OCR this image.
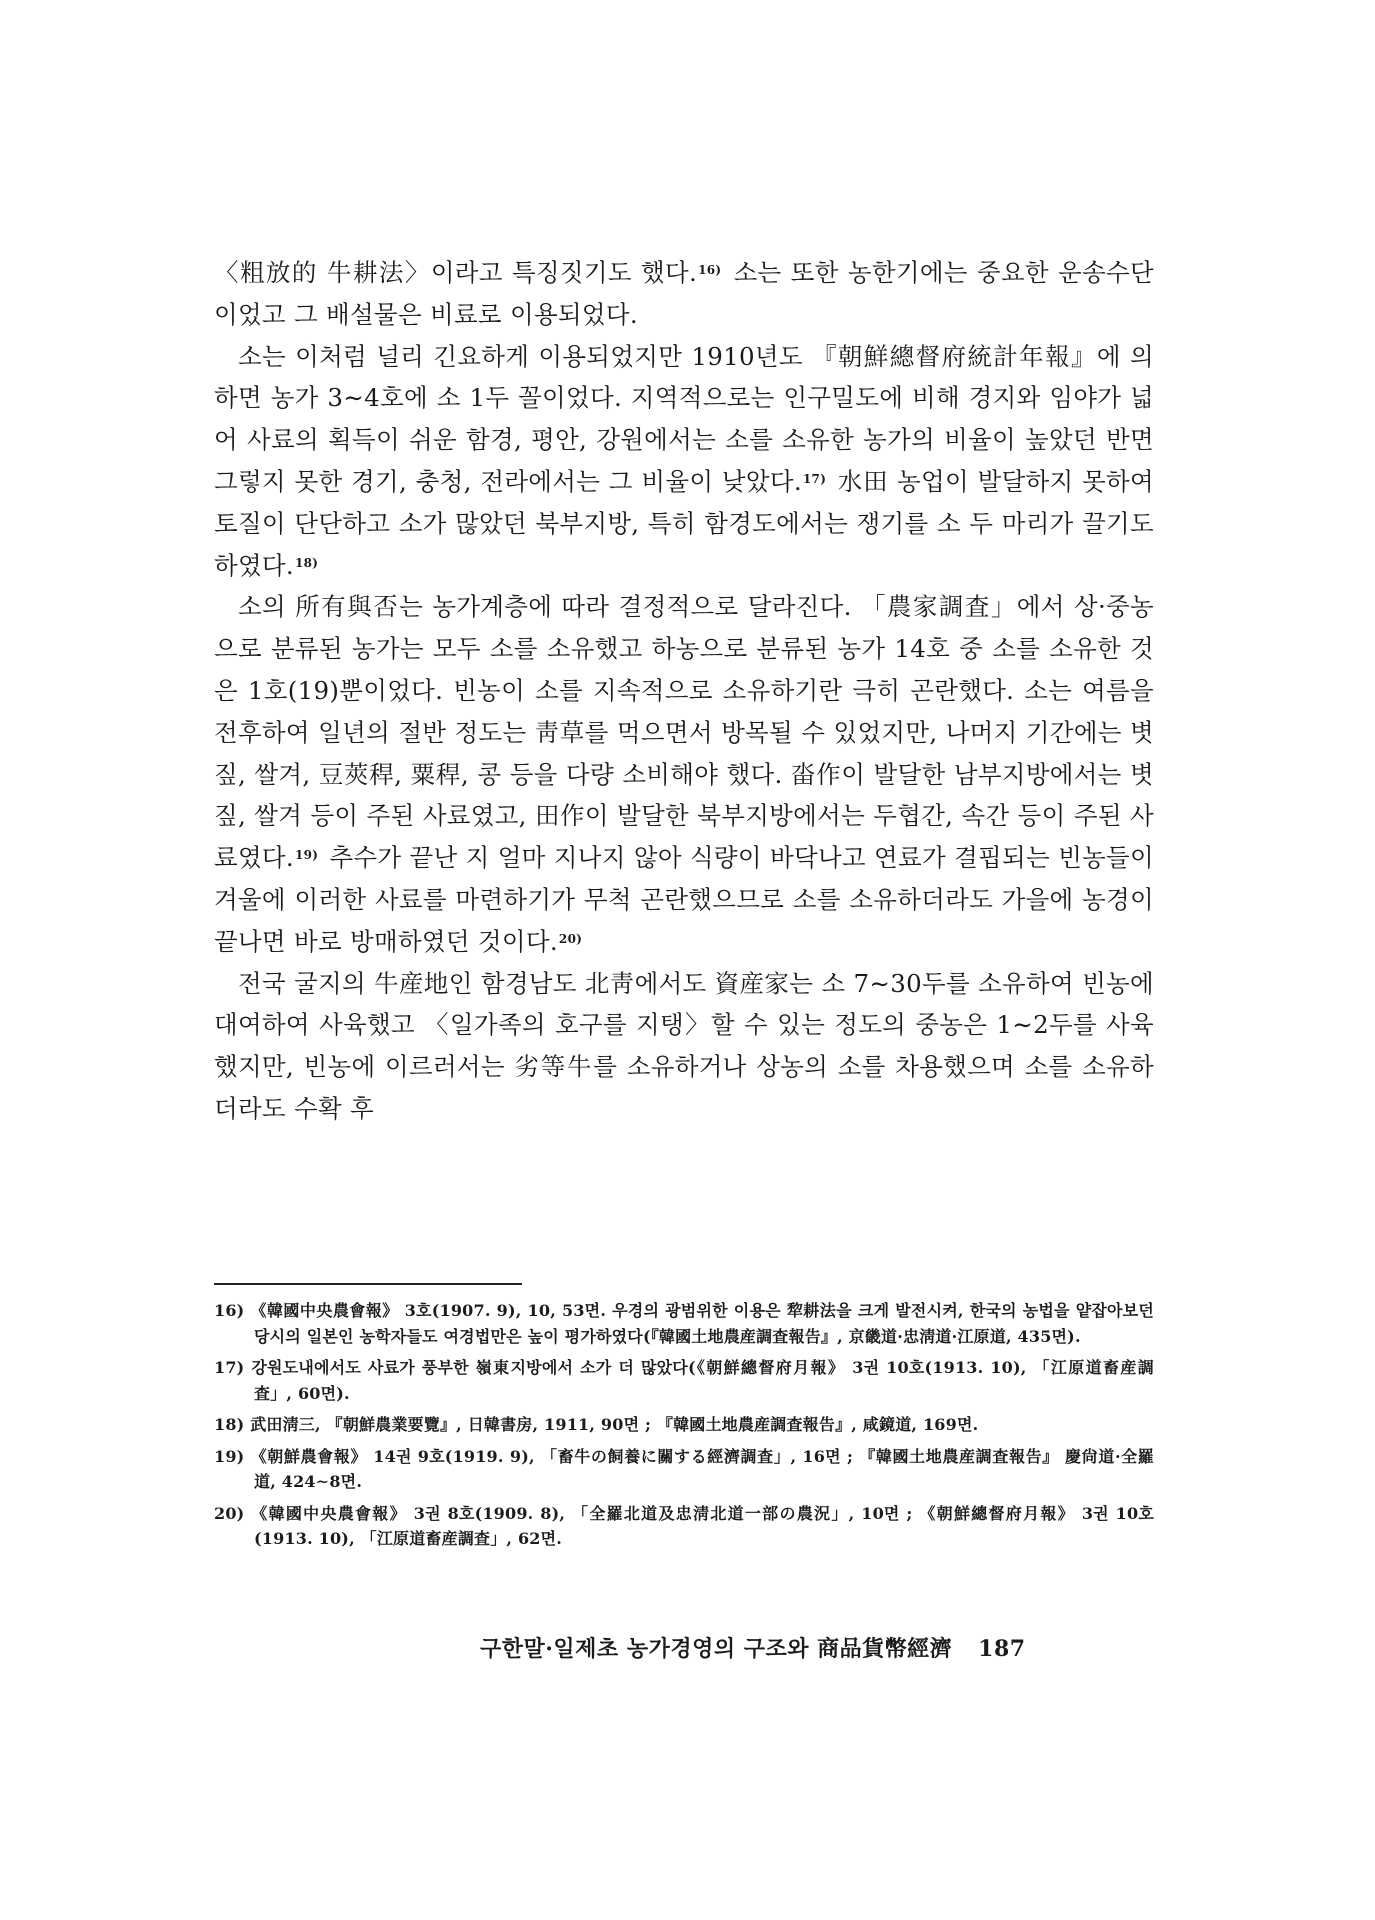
〈粗放的 牛耕法〉이라고 특징짓기도 했다.$^{16)}$ 소는 또한 농한기에는 중요한 운송수단이었고 그 배설물은 비료로 이용되었다.

소는 이처럼 널리 긴요하게 이용되었지만 1910년도 『朝鮮總督府統計年報』에 의하면 농가 3∼4호에 소 1두 꼴이었다. 지역적으로는 인구밀도에 비해 경지와 임야가 넓어 사료의 획득이 쉬운 함경, 평안, 강원에서는 소를 소유한 농가의 비율이 높았던 반면 그렇지 못한 경기, 충청, 전라에서는 그 비율이 낮았다.$^{17)}$ 水田 농업이 발달하지 못하여 토질이 단단하고 소가 많았던 북부지방, 특히 함경도에서는 쟁기를 소 두 마리가 끌기도 하였다.$^{18)}$

소의 所有與否는 농가계층에 따라 결정적으로 달라진다. 「農家調査」에서 상·중농으로 분류된 농가는 모두 소를 소유했고 하농으로 분류된 농가 14호 중 소를 소유한 것은 1호(19)뿐이었다. 빈농이 소를 지속적으로 소유하기란 극히 곤란했다. 소는 여름을 전후하여 일년의 절반 정도는 靑草를 먹으면서 방목될 수 있었지만, 나머지 기간에는 볏짚, 쌀겨, 豆莢稈, 粟稈, 콩 등을 다량 소비해야 했다. 畓作이 발달한 남부지방에서는 볏짚, 쌀겨 등이 주된 사료였고, 田作이 발달한 북부지방에서는 두협간, 속간 등이 주된 사료였다.$^{19)}$ 추수가 끝난 지 얼마 지나지 않아 식량이 바닥나고 연료가 결핍되는 빈농들이 겨울에 이러한 사료를 마련하기가 무척 곤란했으므로 소를 소유하더라도 가을에 농경이 끝나면 바로 방매하였던 것이다.$^{20)}$

전국 굴지의 牛産地인 함경남도 北靑에서도 資産家는 소 7∼30두를 소유하여 빈농에 대여하여 사육했고 〈일가족의 호구를 지탱〉할 수 있는 정도의 중농은 1∼2두를 사육했지만, 빈농에 이르러서는 劣等牛를 소유하거나 상농의 소를 차용했으며 소를 소유하더라도 수확 후

16) 《韓國中央農會報》 3호(1907. 9), 10, 53면. 우경의 광범위한 이용은 犂耕法을 크게 발전시켜, 한국의 농법을 얕잡아보던 당시의 일본인 농학자들도 여경법만은 높이 평가하였다(『韓國土地農産調査報告』, 京畿道·忠淸道·江原道, 435면).
17) 강원도내에서도 사료가 풍부한 嶺東지방에서 소가 더 많았다(《朝鮮總督府月報》 3권 10호(1913. 10), 「江原道畜産調査」, 60면).
18) 武田淸三, 『朝鮮農業要覽』, 日韓書房, 1911, 90면 ; 『韓國土地農産調査報告』, 咸鏡道, 169면.
19) 《朝鮮農會報》 14권 9호(1919. 9), 「畜牛の飼養に關する經濟調査」, 16면 ; 『韓國土地農産調査報告』 慶尙道·全羅道, 424∼8면.
20) 《韓國中央農會報》 3권 8호(1909. 8), 「全羅北道及忠淸北道一部の農況」, 10면 ; 《朝鮮總督府月報》 3권 10호(1913. 10), 「江原道畜産調査」, 62면.
구한말·일제초 농가경영의 구조와 商品貨幣經濟 187
